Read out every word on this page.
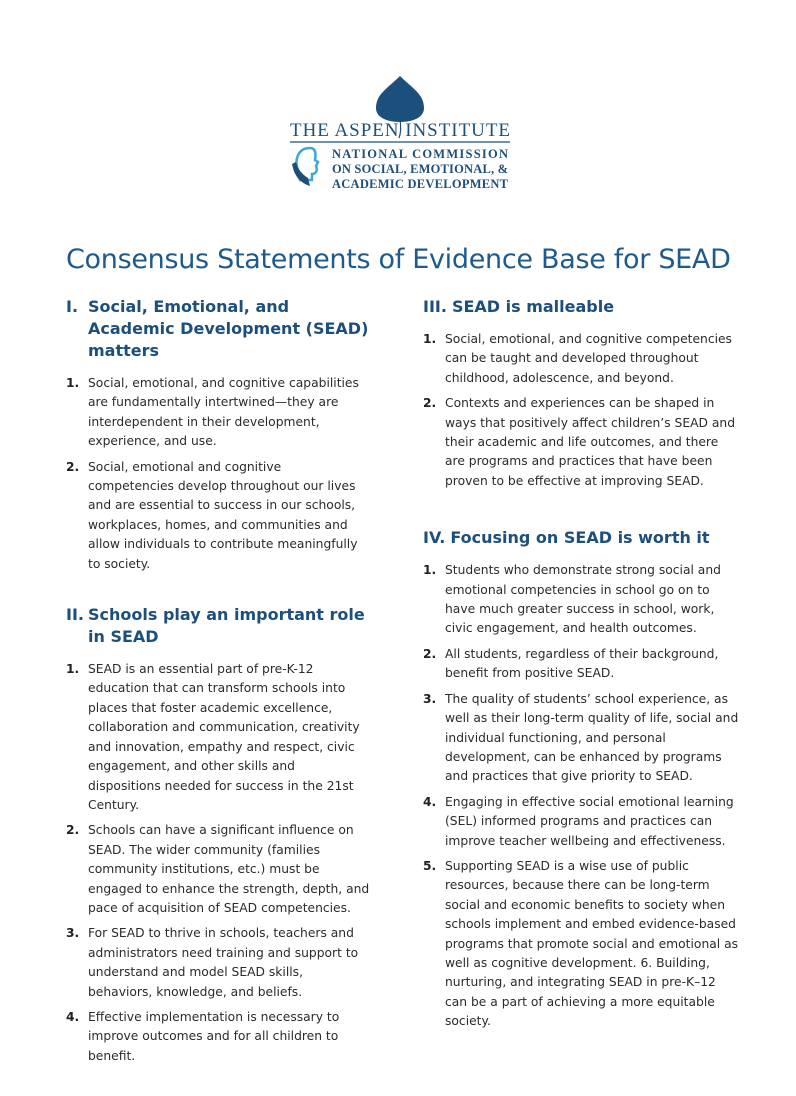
THE ASPEN INSTITUTE
NATIONAL COMMISSION
ON SOCIAL, EMOTIONAL, &
ACADEMIC DEVELOPMENT
Consensus Statements of Evidence Base for SEAD
I. Social, Emotional, and Academic Development (SEAD) matters
1. Social, emotional, and cognitive capabilities are fundamentally intertwined—they are interdependent in their development, experience, and use.
2. Social, emotional and cognitive competencies develop throughout our lives and are essential to success in our schools, workplaces, homes, and communities and allow individuals to contribute meaningfully to society.
II. Schools play an important role in SEAD
1. SEAD is an essential part of pre-K-12 education that can transform schools into places that foster academic excellence, collaboration and communication, creativity and innovation, empathy and respect, civic engagement, and other skills and dispositions needed for success in the 21st Century.
2. Schools can have a significant influence on SEAD. The wider community (families community institutions, etc.) must be engaged to enhance the strength, depth, and pace of acquisition of SEAD competencies.
3. For SEAD to thrive in schools, teachers and administrators need training and support to understand and model SEAD skills, behaviors, knowledge, and beliefs.
4. Effective implementation is necessary to improve outcomes and for all children to benefit.
III. SEAD is malleable
1. Social, emotional, and cognitive competencies can be taught and developed throughout childhood, adolescence, and beyond.
2. Contexts and experiences can be shaped in ways that positively affect children’s SEAD and their academic and life outcomes, and there are programs and practices that have been proven to be effective at improving SEAD.
IV. Focusing on SEAD is worth it
1. Students who demonstrate strong social and emotional competencies in school go on to have much greater success in school, work, civic engagement, and health outcomes.
2. All students, regardless of their background, benefit from positive SEAD.
3. The quality of students’ school experience, as well as their long-term quality of life, social and individual functioning, and personal development, can be enhanced by programs and practices that give priority to SEAD.
4. Engaging in effective social emotional learning (SEL) informed programs and practices can improve teacher wellbeing and effectiveness.
5. Supporting SEAD is a wise use of public resources, because there can be long-term social and economic benefits to society when schools implement and embed evidence-based programs that promote social and emotional as well as cognitive development. 6. Building, nurturing, and integrating SEAD in pre-K–12 can be a part of achieving a more equitable society.
